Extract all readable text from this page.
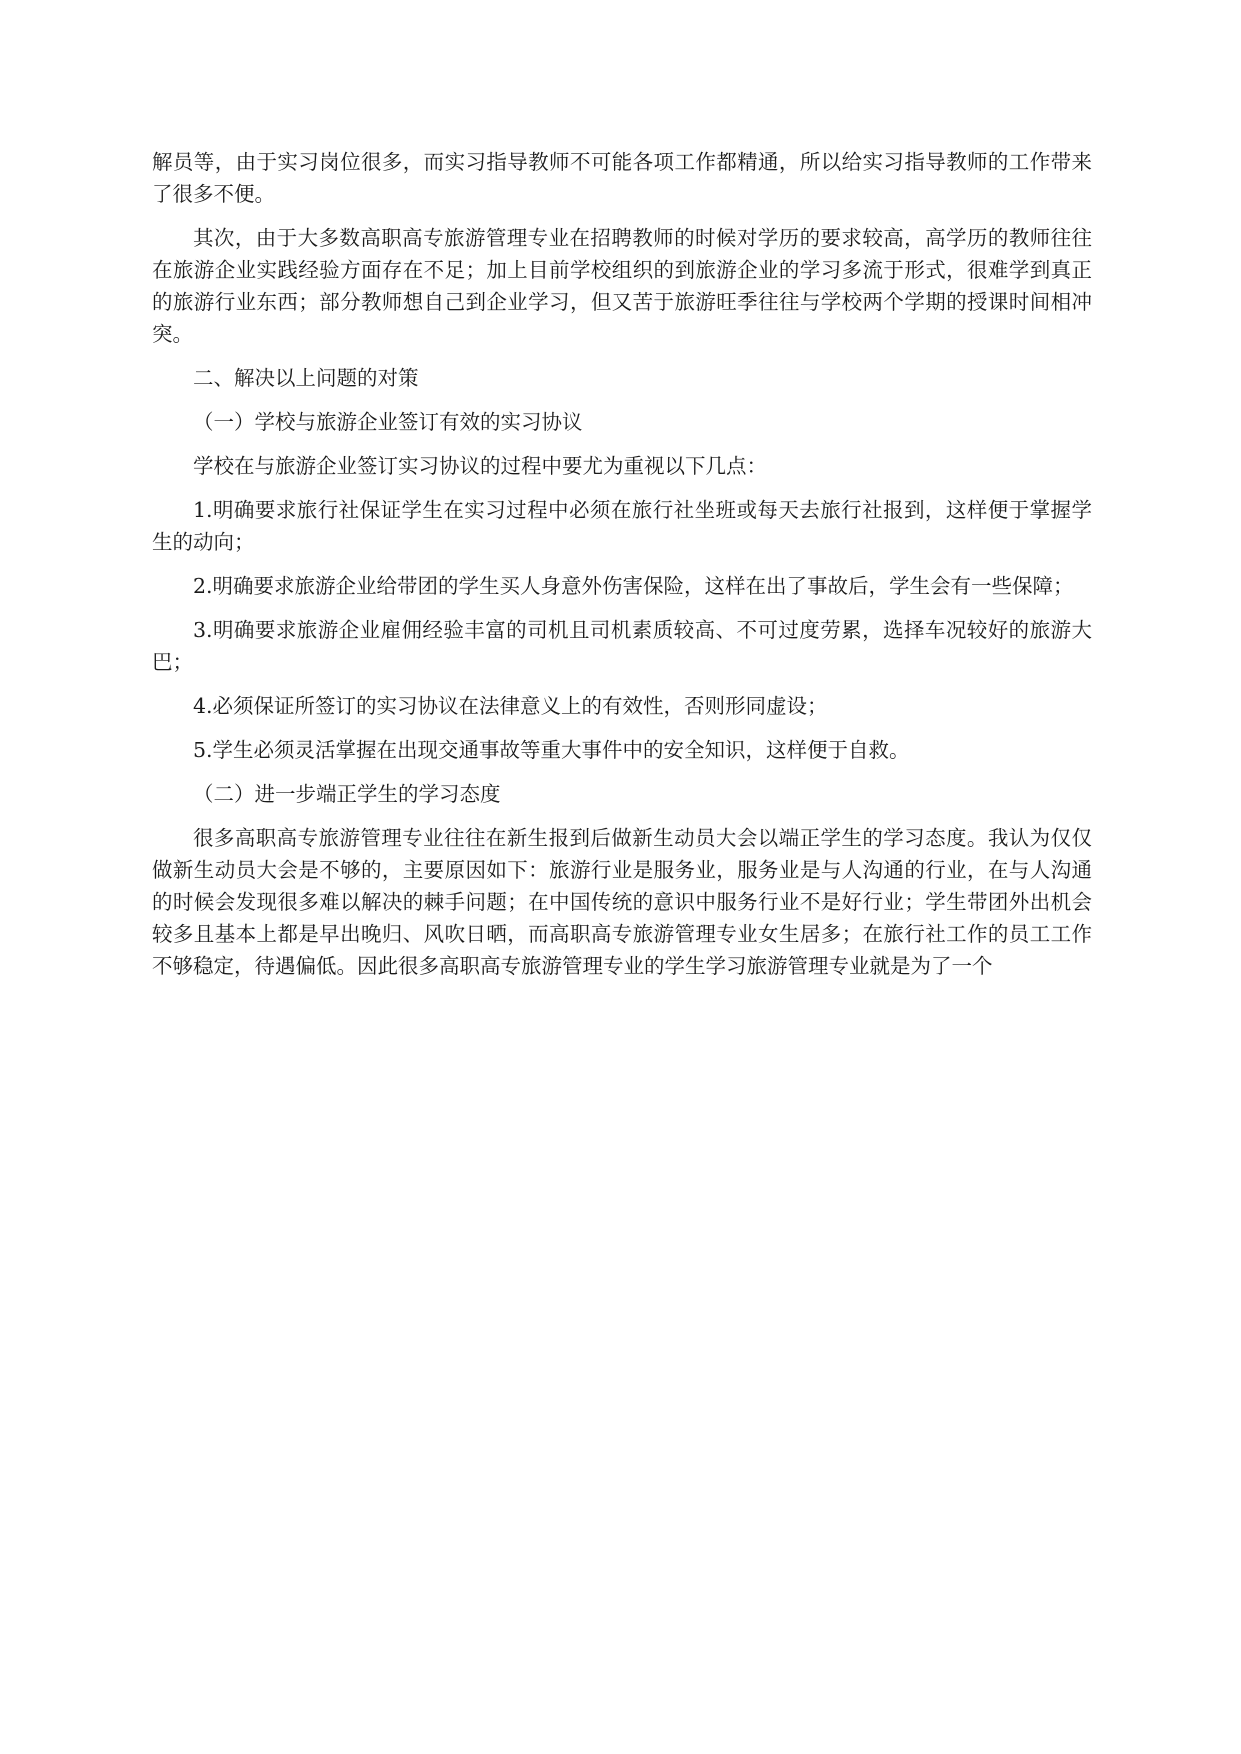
解员等，由于实习岗位很多，而实习指导教师不可能各项工作都精通，所以给实习指导教师的工作带来了很多不便。

其次，由于大多数高职高专旅游管理专业在招聘教师的时候对学历的要求较高，高学历的教师往往在旅游企业实践经验方面存在不足；加上目前学校组织的到旅游企业的学习多流于形式，很难学到真正的旅游行业东西；部分教师想自己到企业学习，但又苦于旅游旺季往往与学校两个学期的授课时间相冲突。

二、解决以上问题的对策

（一）学校与旅游企业签订有效的实习协议

学校在与旅游企业签订实习协议的过程中要尤为重视以下几点：

1.明确要求旅行社保证学生在实习过程中必须在旅行社坐班或每天去旅行社报到，这样便于掌握学生的动向；

2.明确要求旅游企业给带团的学生买人身意外伤害保险，这样在出了事故后，学生会有一些保障；

3.明确要求旅游企业雇佣经验丰富的司机且司机素质较高、不可过度劳累，选择车况较好的旅游大巴；

4.必须保证所签订的实习协议在法律意义上的有效性，否则形同虚设；

5.学生必须灵活掌握在出现交通事故等重大事件中的安全知识，这样便于自救。

（二）进一步端正学生的学习态度

很多高职高专旅游管理专业往往在新生报到后做新生动员大会以端正学生的学习态度。我认为仅仅做新生动员大会是不够的，主要原因如下：旅游行业是服务业，服务业是与人沟通的行业，在与人沟通的时候会发现很多难以解决的棘手问题；在中国传统的意识中服务行业不是好行业；学生带团外出机会较多且基本上都是早出晚归、风吹日晒，而高职高专旅游管理专业女生居多；在旅行社工作的员工工作不够稳定，待遇偏低。因此很多高职高专旅游管理专业的学生学习旅游管理专业就是为了一个
